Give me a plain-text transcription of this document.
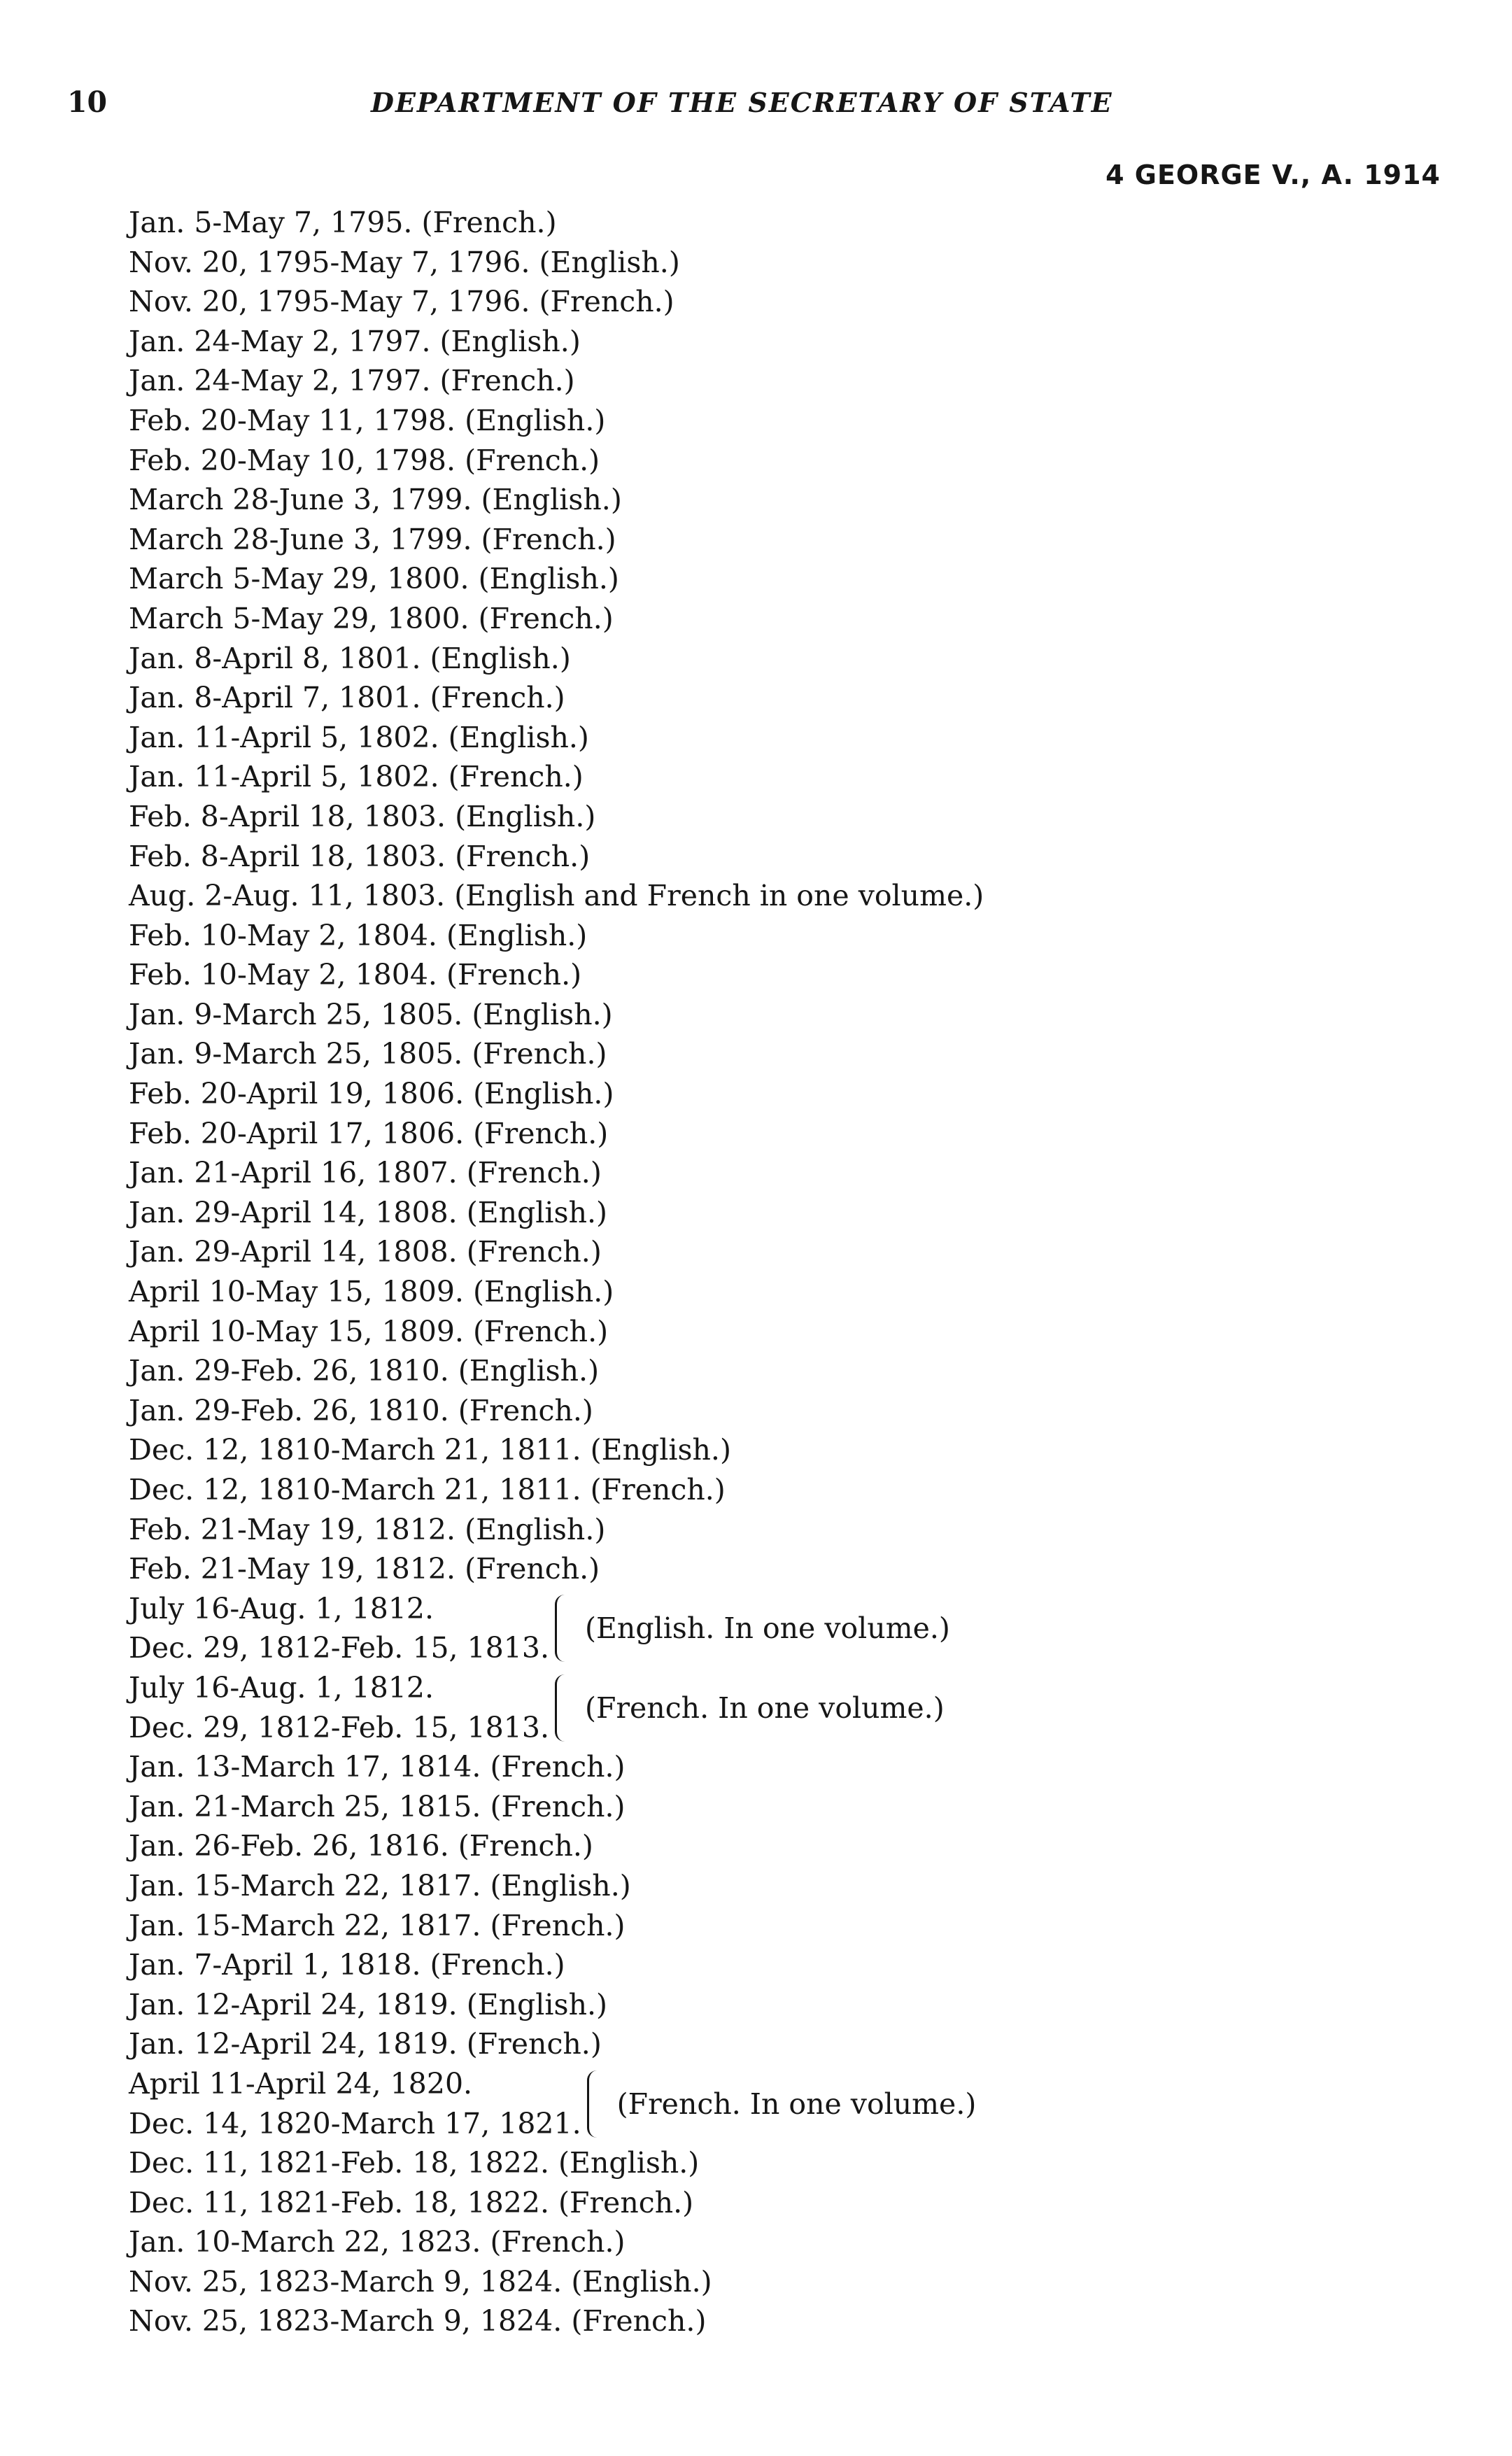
10	DEPARTMENT OF THE SECRETARY OF STATE
4 GEORGE V., A. 1914
Jan. 5-May 7, 1795. (French.)
Nov. 20, 1795-May 7, 1796. (English.)
Nov. 20, 1795-May 7, 1796. (French.)
Jan. 24-May 2, 1797. (English.)
Jan. 24-May 2, 1797. (French.)
Feb. 20-May 11, 1798. (English.)
Feb. 20-May 10, 1798. (French.)
March 28-June 3, 1799. (English.)
March 28-June 3, 1799. (French.)
March 5-May 29, 1800. (English.)
March 5-May 29, 1800. (French.)
Jan. 8-April 8, 1801. (English.)
Jan. 8-April 7, 1801. (French.)
Jan. 11-April 5, 1802. (English.)
Jan. 11-April 5, 1802. (French.)
Feb. 8-April 18, 1803. (English.)
Feb. 8-April 18, 1803. (French.)
Aug. 2-Aug. 11, 1803. (English and French in one volume.)
Feb. 10-May 2, 1804. (English.)
Feb. 10-May 2, 1804. (French.)
Jan. 9-March 25, 1805. (English.)
Jan. 9-March 25, 1805. (French.)
Feb. 20-April 19, 1806. (English.)
Feb. 20-April 17, 1806. (French.)
Jan. 21-April 16, 1807. (French.)
Jan. 29-April 14, 1808. (English.)
Jan. 29-April 14, 1808. (French.)
April 10-May 15, 1809. (English.)
April 10-May 15, 1809. (French.)
Jan. 29-Feb. 26, 1810. (English.)
Jan. 29-Feb. 26, 1810. (French.)
Dec. 12, 1810-March 21, 1811. (English.)
Dec. 12, 1810-March 21, 1811. (French.)
Feb. 21-May 19, 1812. (English.)
Feb. 21-May 19, 1812. (French.)
July 16-Aug. 1, 1812.
Dec. 29, 1812-Feb. 15, 1813.
(English. In one volume.)
July 16-Aug. 1, 1812.
Dec. 29, 1812-Feb. 15, 1813.
(French. In one volume.)
Jan. 13-March 17, 1814. (French.)
Jan. 21-March 25, 1815. (French.)
Jan. 26-Feb. 26, 1816. (French.)
Jan. 15-March 22, 1817. (English.)
Jan. 15-March 22, 1817. (French.)
Jan. 7-April 1, 1818. (French.)
Jan. 12-April 24, 1819. (English.)
Jan. 12-April 24, 1819. (French.)
April 11-April 24, 1820.
Dec. 14, 1820-March 17, 1821.
(French. In one volume.)
Dec. 11, 1821-Feb. 18, 1822. (English.)
Dec. 11, 1821-Feb. 18, 1822. (French.)
Jan. 10-March 22, 1823. (French.)
Nov. 25, 1823-March 9, 1824. (English.)
Nov. 25, 1823-March 9, 1824. (French.)
